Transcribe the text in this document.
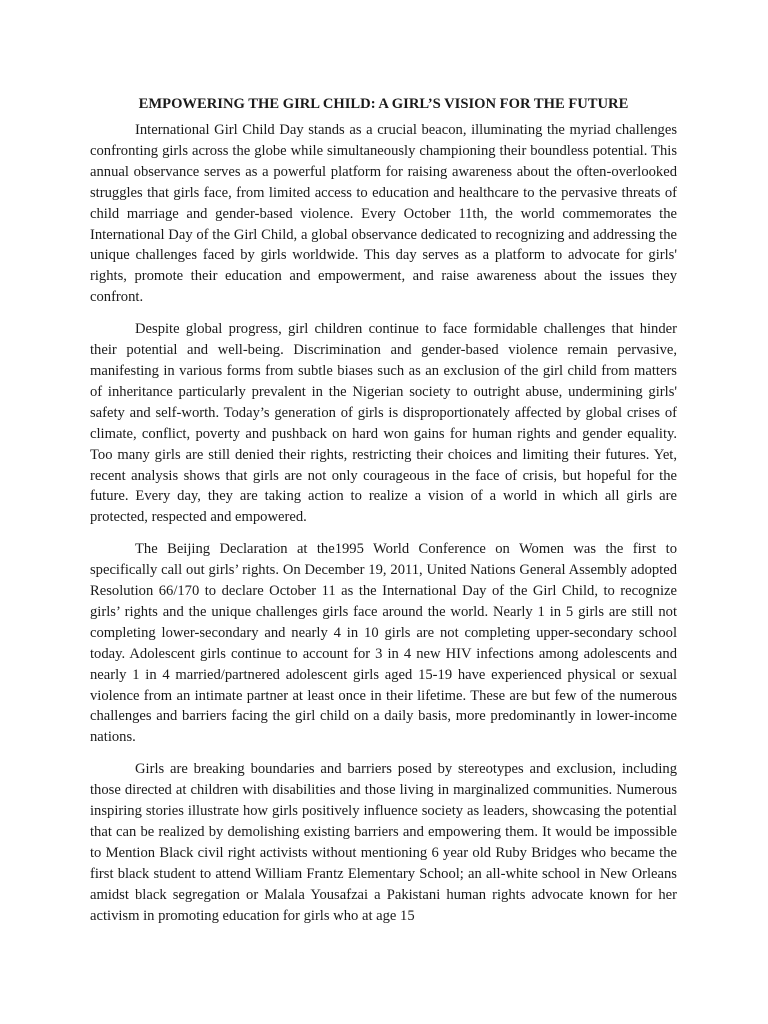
EMPOWERING THE GIRL CHILD: A GIRL’S VISION FOR THE FUTURE

International Girl Child Day stands as a crucial beacon, illuminating the myriad challenges confronting girls across the globe while simultaneously championing their boundless potential. This annual observance serves as a powerful platform for raising awareness about the often-overlooked struggles that girls face, from limited access to education and healthcare to the pervasive threats of child marriage and gender-based violence. Every October 11th, the world commemorates the International Day of the Girl Child, a global observance dedicated to recognizing and addressing the unique challenges faced by girls worldwide. This day serves as a platform to advocate for girls' rights, promote their education and empowerment, and raise awareness about the issues they confront.

Despite global progress, girl children continue to face formidable challenges that hinder their potential and well-being. Discrimination and gender-based violence remain pervasive, manifesting in various forms from subtle biases such as an exclusion of the girl child from matters of inheritance particularly prevalent in the Nigerian society to outright abuse, undermining girls' safety and self-worth. Today’s generation of girls is disproportionately affected by global crises of climate, conflict, poverty and pushback on hard won gains for human rights and gender equality. Too many girls are still denied their rights, restricting their choices and limiting their futures. Yet, recent analysis shows that girls are not only courageous in the face of crisis, but hopeful for the future. Every day, they are taking action to realize a vision of a world in which all girls are protected, respected and empowered.

The Beijing Declaration at the1995 World Conference on Women was the first to specifically call out girls’ rights. On December 19, 2011, United Nations General Assembly adopted Resolution 66/170 to declare October 11 as the International Day of the Girl Child, to recognize girls’ rights and the unique challenges girls face around the world. Nearly 1 in 5 girls are still not completing lower-secondary and nearly 4 in 10 girls are not completing upper-secondary school today. Adolescent girls continue to account for 3 in 4 new HIV infections among adolescents and nearly 1 in 4 married/partnered adolescent girls aged 15-19 have experienced physical or sexual violence from an intimate partner at least once in their lifetime. These are but few of the numerous challenges and barriers facing the girl child on a daily basis, more predominantly in lower-income nations.

Girls are breaking boundaries and barriers posed by stereotypes and exclusion, including those directed at children with disabilities and those living in marginalized communities. Numerous inspiring stories illustrate how girls positively influence society as leaders, showcasing the potential that can be realized by demolishing existing barriers and empowering them. It would be impossible to Mention Black civil right activists without mentioning 6 year old Ruby Bridges who became the first black student to attend William Frantz Elementary School; an all-white school in New Orleans amidst black segregation or Malala Yousafzai a Pakistani human rights advocate known for her activism in promoting education for girls who at age 15
